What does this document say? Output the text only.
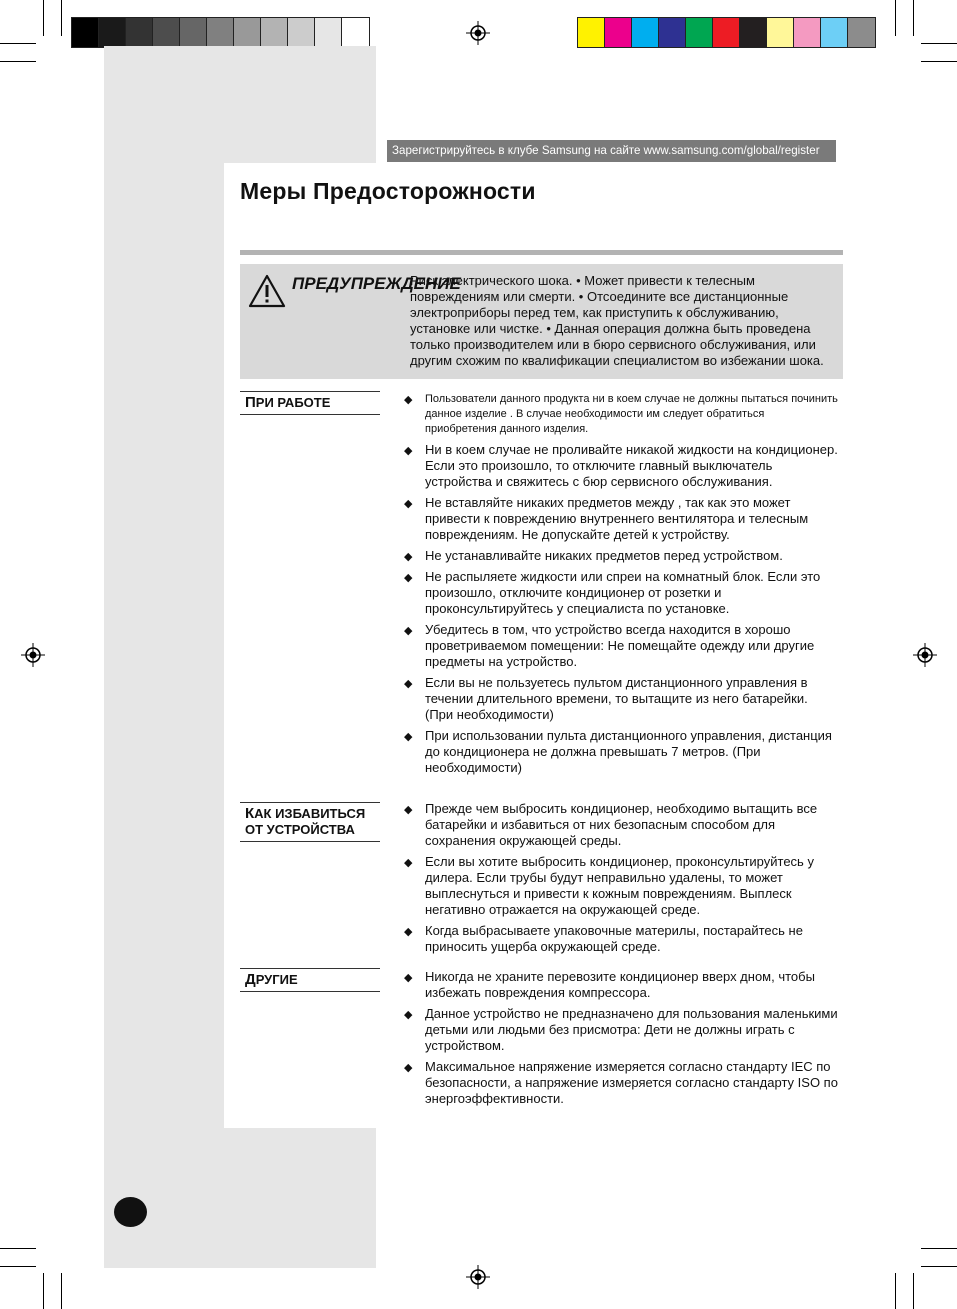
Зарегистрируйтесь в клубе Samsung на сайте www.samsung.com/global/register
Меры Предосторожности
ПРЕДУПРЕЖДЕНИЕ
Риск электрического шока. • Может привести к телесным повреждениям или смерти. • Отсоедините все дистанционные электроприборы перед тем, как приступить к обслуживанию, установке или чистке. • Данная операция должна быть проведена только производителем или в бюро сервисного обслуживания, или другим схожим по квалификации специалистом во избежании шока.
ПРИ РАБОТЕ	◆ Пользователи данного продукта ни в коем случае не должны пытаться починить данное изделие . В случае необходимости им следует обратиться приобретения данного изделия.
◆ Ни в коем случае не проливайте никакой жидкости на кондиционер. Если это произошло, то отключите главный выключатель устройства и свяжитесь с бюр сервисного обслуживания.
◆ Не вставляйте никаких предметов между , так как это может привести к повреждению внутреннего вентилятора и телесным повреждениям. Не допускайте детей к устройству.
◆ Не устанавливайте никаких предметов перед устройством.
◆ Не распыляете жидкости или спреи на комнатный блок. Если это произошло, отключите кондиционер от розетки и проконсультируйтесь у специалиста по установке.
◆ Убедитесь в том, что устройство всегда находится в хорошо проветриваемом помещении: Не помещайте одежду или другие предметы на устройство.
◆ Если вы не пользуетесь пультом дистанционного управления в течении длительного времени, то вытащите из него батарейки. (При необходимости)
◆ При использовании пульта дистанционного управления, дистанция до кондиционера не должна превышать 7 метров. (При необходимости)
КАК ИЗБАВИТЬСЯ ОТ УСТРОЙСТВА
◆ Прежде чем выбросить кондиционер, необходимо вытащить все батарейки и избавиться от них безопасным способом для сохранения окружающей среды.
◆ Если вы хотите выбросить кондиционер, проконсультируйтесь у дилера. Если трубы будут неправильно удалены, то может выплеснуться и привести к кожным повреждениям. Выплеск негативно отражается на окружающей среде.
◆ Когда выбрасываете упаковочные материлы, постарайтесь не приносить ущерба окружающей среде.
ДРУГИЕ	◆ Никогда не храните перевозите кондиционер вверх дном, чтобы избежать повреждения компрессора.
◆ Данное устройство не предназначено для пользования маленькими детьми или людьми без присмотра: Дети не должны играть с устройством.
◆ Максимальное напряжение измеряется согласно стандарту IEC по безопасности, а напряжение измеряется согласно стандарту ISO по энергоэффективности.
